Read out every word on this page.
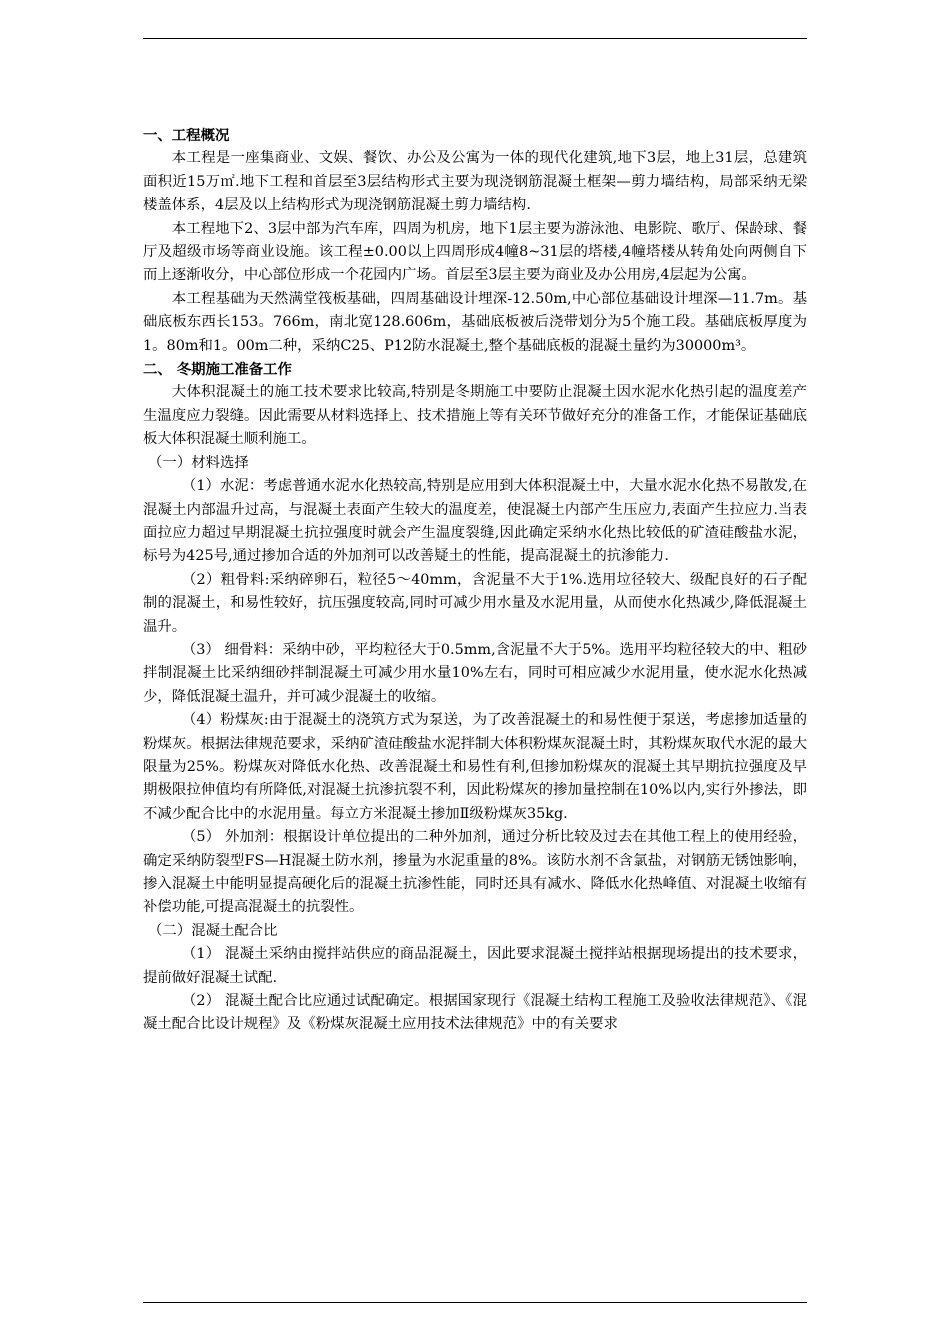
一、工程概况

本工程是一座集商业、文娱、餐饮、办公及公寓为一体的现代化建筑,地下3层，地上31层，总建筑面积近15万㎡.地下工程和首层至3层结构形式主要为现浇钢筋混凝土框架—剪力墙结构，局部采纳无梁楼盖体系，4层及以上结构形式为现浇钢筋混凝土剪力墙结构.

本工程地下2、3层中部为汽车库，四周为机房，地下1层主要为游泳池、电影院、歌厅、保龄球、餐厅及超级市场等商业设施。该工程±0.00以上四周形成4幢8~31层的塔楼,4幢塔楼从转角处向两侧自下而上逐渐收分，中心部位形成一个花园内广场。首层至3层主要为商业及办公用房,4层起为公寓。

本工程基础为天然满堂筏板基础，四周基础设计埋深-12.50m,中心部位基础设计埋深—11.7m。基础底板东西长153。766m，南北宽128.606m，基础底板被后浇带划分为5个施工段。基础底板厚度为1。80m和1。00m二种，采纳C25、P12防水混凝土,整个基础底板的混凝土量约为30000m³。

二、 冬期施工准备工作

大体积混凝土的施工技术要求比较高,特别是冬期施工中要防止混凝土因水泥水化热引起的温度差产生温度应力裂缝。因此需要从材料选择上、技术措施上等有关环节做好充分的准备工作，才能保证基础底板大体积混凝土顺利施工。

（一）材料选择

（1）水泥：考虑普通水泥水化热较高,特别是应用到大体积混凝土中，大量水泥水化热不易散发,在混凝土内部温升过高，与混凝土表面产生较大的温度差，使混凝土内部产生压应力,表面产生拉应力.当表面拉应力超过早期混凝土抗拉强度时就会产生温度裂缝,因此确定采纳水化热比较低的矿渣硅酸盐水泥，标号为425号,通过掺加合适的外加剂可以改善疑土的性能，提高混凝土的抗渗能力.

（2）粗骨料:采纳碎卵石，粒径5～40mm，含泥量不大于1%.选用垃径较大、级配良好的石子配制的混凝土，和易性较好，抗压强度较高,同时可减少用水量及水泥用量，从而使水化热减少,降低混凝土温升。

（3） 细骨料：采纳中砂，平均粒径大于0.5mm,含泥量不大于5%。选用平均粒径较大的中、粗砂拌制混凝土比采纳细砂拌制混凝土可减少用水量10%左右，同时可相应减少水泥用量，使水泥水化热减少，降低混凝土温升，并可减少混凝土的收缩。

（4）粉煤灰:由于混凝土的浇筑方式为泵送，为了改善混凝土的和易性便于泵送，考虑掺加适量的粉煤灰。根据法律规范要求，采纳矿渣硅酸盐水泥拌制大体积粉煤灰混凝土时，其粉煤灰取代水泥的最大限量为25%。粉煤灰对降低水化热、改善混凝土和易性有利,但掺加粉煤灰的混凝土其早期抗拉强度及早期极限拉伸值均有所降低,对混凝土抗渗抗裂不利，因此粉煤灰的掺加量控制在10%以内,实行外掺法，即不减少配合比中的水泥用量。每立方米混凝土掺加Ⅱ级粉煤灰35kg.

（5） 外加剂：根据设计单位提出的二种外加剂，通过分析比较及过去在其他工程上的使用经验，确定采纳防裂型FS—H混凝土防水剂，掺量为水泥重量的8%。该防水剂不含氯盐，对钢筋无锈蚀影响，掺入混凝土中能明显提高硬化后的混凝土抗渗性能，同时还具有减水、降低水化热峰值、对混凝土收缩有补偿功能,可提高混凝土的抗裂性。

（二）混凝土配合比

（1） 混凝土采纳由搅拌站供应的商品混凝土，因此要求混凝土搅拌站根据现场提出的技术要求，提前做好混凝土试配.

（2） 混凝土配合比应通过试配确定。根据国家现行《混凝土结构工程施工及验收法律规范》、《混凝土配合比设计规程》及《粉煤灰混凝土应用技术法律规范》中的有关要求
